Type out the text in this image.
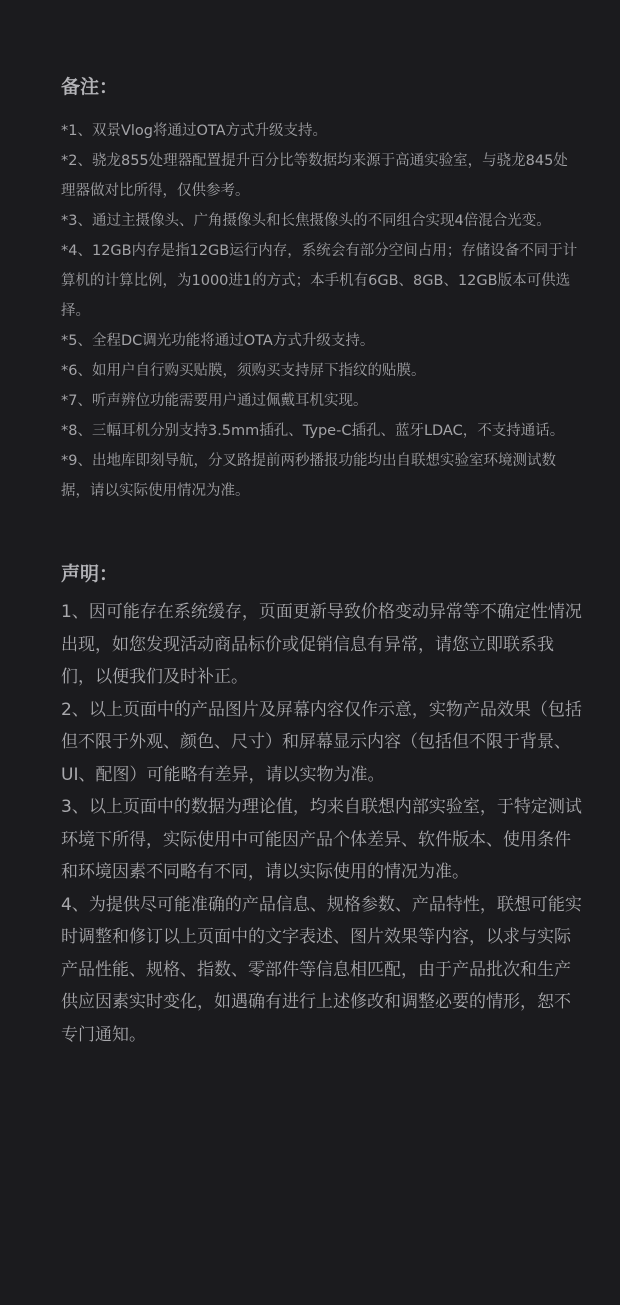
备注：
*1、双景Vlog将通过OTA方式升级支持。
*2、骁龙855处理器配置提升百分比等数据均来源于高通实验室，与骁龙845处理器做对比所得，仅供参考。
*3、通过主摄像头、广角摄像头和长焦摄像头的不同组合实现4倍混合光变。
*4、12GB内存是指12GB运行内存，系统会有部分空间占用；存储设备不同于计算机的计算比例，为1000进1的方式；本手机有6GB、8GB、12GB版本可供选择。
*5、全程DC调光功能将通过OTA方式升级支持。
*6、如用户自行购买贴膜，须购买支持屏下指纹的贴膜。
*7、听声辨位功能需要用户通过佩戴耳机实现。
*8、三幅耳机分别支持3.5mm插孔、Type-C插孔、蓝牙LDAC，不支持通话。
*9、出地库即刻导航，分叉路提前两秒播报功能均出自联想实验室环境测试数据，请以实际使用情况为准。
声明：
1、因可能存在系统缓存，页面更新导致价格变动异常等不确定性情况出现，如您发现活动商品标价或促销信息有异常，请您立即联系我们，以便我们及时补正。
2、以上页面中的产品图片及屏幕内容仅作示意，实物产品效果（包括但不限于外观、颜色、尺寸）和屏幕显示内容（包括但不限于背景、UI、配图）可能略有差异，请以实物为准。
3、以上页面中的数据为理论值，均来自联想内部实验室，于特定测试环境下所得，实际使用中可能因产品个体差异、软件版本、使用条件和环境因素不同略有不同，请以实际使用的情况为准。
4、为提供尽可能准确的产品信息、规格参数、产品特性，联想可能实时调整和修订以上页面中的文字表述、图片效果等内容，以求与实际产品性能、规格、指数、零部件等信息相匹配，由于产品批次和生产供应因素实时变化，如遇确有进行上述修改和调整必要的情形，恕不专门通知。
